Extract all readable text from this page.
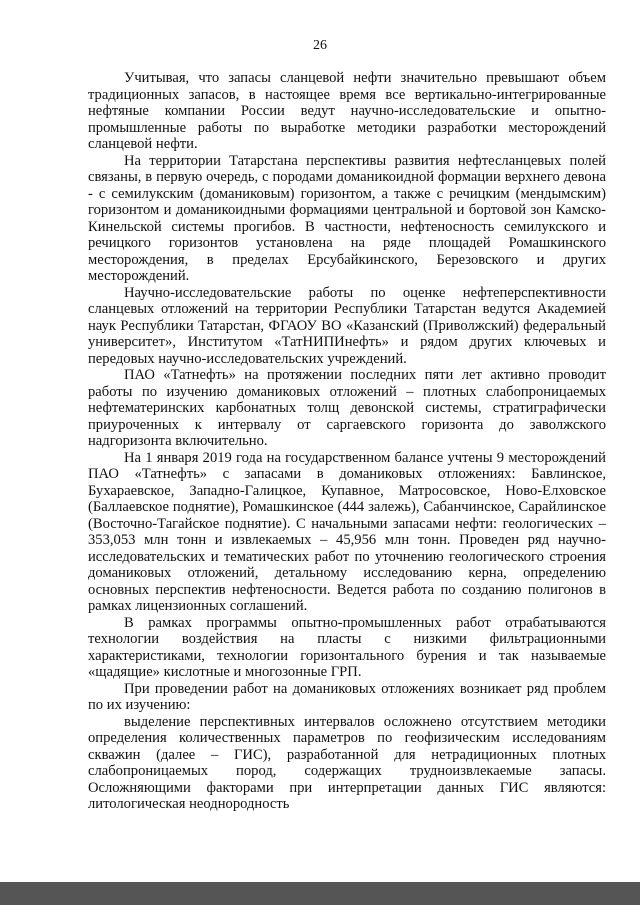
26

Учитывая, что запасы сланцевой нефти значительно превышают объем традиционных запасов, в настоящее время все вертикально-интегрированные нефтяные компании России ведут научно-исследовательские и опытно-промышленные работы по выработке методики разработки месторождений сланцевой нефти.

На территории Татарстана перспективы развития нефтесланцевых полей связаны, в первую очередь, с породами доманикоидной формации верхнего девона - с семилукским (доманиковым) горизонтом, а также с речицким (мендымским) горизонтом и доманикоидными формациями центральной и бортовой зон Камско-Кинельской системы прогибов. В частности, нефтеносность семилукского и речицкого горизонтов установлена на ряде площадей Ромашкинского месторождения, в пределах Ерсубайкинского, Березовского и других месторождений.

Научно-исследовательские работы по оценке нефтеперспективности сланцевых отложений на территории Республики Татарстан ведутся Академией наук Республики Татарстан, ФГАОУ ВО «Казанский (Приволжский) федеральный университет», Институтом «ТатНИПИнефть» и рядом других ключевых и передовых научно-исследовательских учреждений.

ПАО «Татнефть» на протяжении последних пяти лет активно проводит работы по изучению доманиковых отложений – плотных слабопроницаемых нефтематеринских карбонатных толщ девонской системы, стратиграфически приуроченных к интервалу от саргаевского горизонта до заволжского надгоризонта включительно.

На 1 января 2019 года на государственном балансе учтены 9 месторождений ПАО «Татнефть» с запасами в доманиковых отложениях: Бавлинское, Бухараевское, Западно-Галицкое, Купавное, Матросовское, Ново-Елховское (Баллаевское поднятие), Ромашкинское (444 залежь), Сабанчинское, Сарайлинское (Восточно-Тагайское поднятие). С начальными запасами нефти: геологических – 353,053 млн тонн и извлекаемых – 45,956 млн тонн. Проведен ряд научно-исследовательских и тематических работ по уточнению геологического строения доманиковых отложений, детальному исследованию керна, определению основных перспектив нефтеносности. Ведется работа по созданию полигонов в рамках лицензионных соглашений.

В рамках программы опытно-промышленных работ отрабатываются технологии воздействия на пласты с низкими фильтрационными характеристиками, технологии горизонтального бурения и так называемые «щадящие» кислотные и многозонные ГРП.

При проведении работ на доманиковых отложениях возникает ряд проблем по их изучению:

выделение перспективных интервалов осложнено отсутствием методики определения количественных параметров по геофизическим исследованиям скважин (далее – ГИС), разработанной для нетрадиционных плотных слабопроницаемых пород, содержащих трудноизвлекаемые запасы. Осложняющими факторами при интерпретации данных ГИС являются: литологическая неоднородность
